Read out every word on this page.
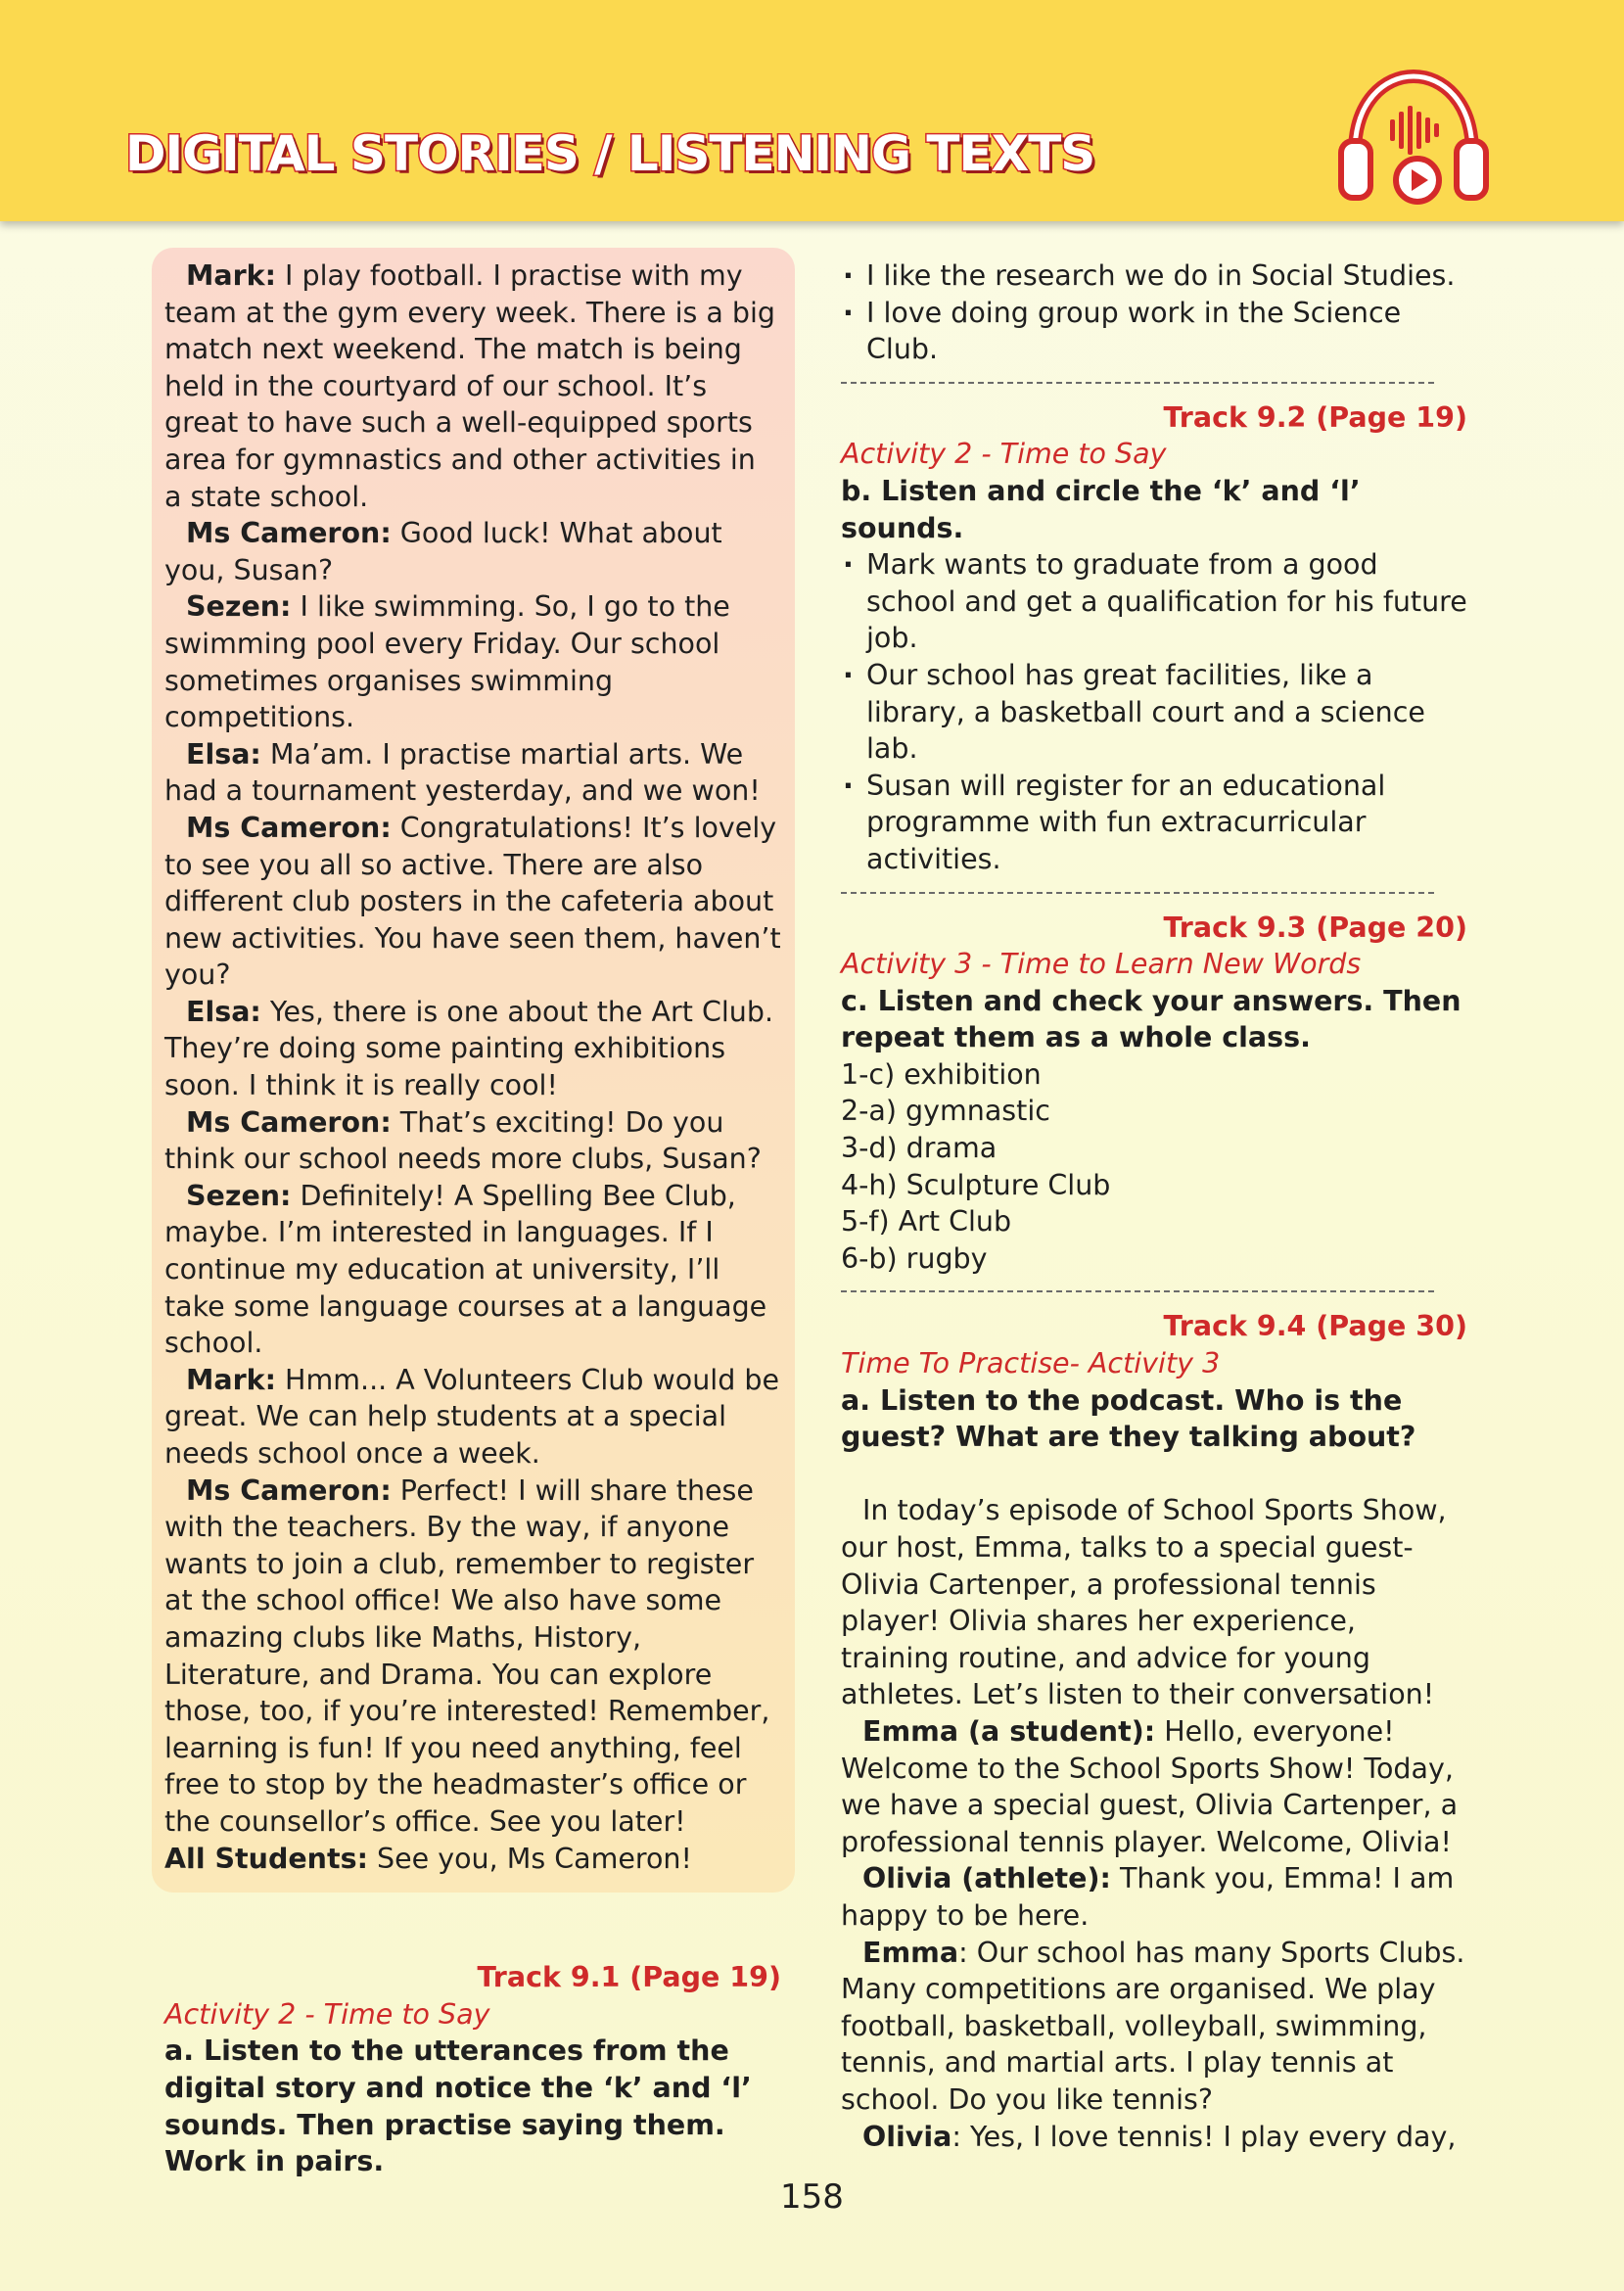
DIGITAL STORIES / LISTENING TEXTS

Mark: I play football. I practise with my team at the gym every week. There is a big match next weekend. The match is being held in the courtyard of our school. It’s great to have such a well-equipped sports area for gymnastics and other activities in a state school.

Ms Cameron: Good luck! What about you, Susan?

Sezen: I like swimming. So, I go to the swimming pool every Friday. Our school sometimes organises swimming competitions.

Elsa: Ma’am. I practise martial arts. We had a tournament yesterday, and we won!

Ms Cameron: Congratulations! It’s lovely to see you all so active. There are also different club posters in the cafeteria about new activities. You have seen them, haven’t you?

Elsa: Yes, there is one about the Art Club. They’re doing some painting exhibitions soon. I think it is really cool!

Ms Cameron: That’s exciting! Do you think our school needs more clubs, Susan?

Sezen: Definitely! A Spelling Bee Club, maybe. I’m interested in languages. If I continue my education at university, I’ll take some language courses at a language school.

Mark: Hmm... A Volunteers Club would be great. We can help students at a special needs school once a week.

Ms Cameron: Perfect! I will share these with the teachers. By the way, if anyone wants to join a club, remember to register at the school office! We also have some amazing clubs like Maths, History, Literature, and Drama. You can explore those, too, if you’re interested! Remember, learning is fun! If you need anything, feel free to stop by the headmaster’s office or the counsellor’s office. See you later!

All Students: See you, Ms Cameron!

Track 9.1 (Page 19)

Activity 2 - Time to Say

a. Listen to the utterances from the digital story and notice the ‘k’ and ‘l’ sounds. Then practise saying them. Work in pairs.

· I like the research we do in Social Studies.
· I love doing group work in the Science Club.

Track 9.2 (Page 19)

Activity 2 - Time to Say

b. Listen and circle the ‘k’ and ‘l’ sounds.

· Mark wants to graduate from a good school and get a qualification for his future job.
· Our school has great facilities, like a library, a basketball court and a science lab.
· Susan will register for an educational programme with fun extracurricular activities.

Track 9.3 (Page 20)

Activity 3 - Time to Learn New Words

c. Listen and check your answers. Then repeat them as a whole class.

1-c) exhibition

2-a) gymnastic

3-d) drama

4-h) Sculpture Club

5-f) Art Club

6-b) rugby

Track 9.4 (Page 30)

Time To Practise- Activity 3

a. Listen to the podcast. Who is the guest? What are they talking about?

In today’s episode of School Sports Show, our host, Emma, talks to a special guest- Olivia Cartenper, a professional tennis player! Olivia shares her experience, training routine, and advice for young athletes. Let’s listen to their conversation!

Emma (a student): Hello, everyone! Welcome to the School Sports Show! Today, we have a special guest, Olivia Cartenper, a professional tennis player. Welcome, Olivia!

Olivia (athlete): Thank you, Emma! I am happy to be here.

Emma: Our school has many Sports Clubs. Many competitions are organised. We play football, basketball, volleyball, swimming, tennis, and martial arts. I play tennis at school. Do you like tennis?

Olivia: Yes, I love tennis! I play every day,

158
